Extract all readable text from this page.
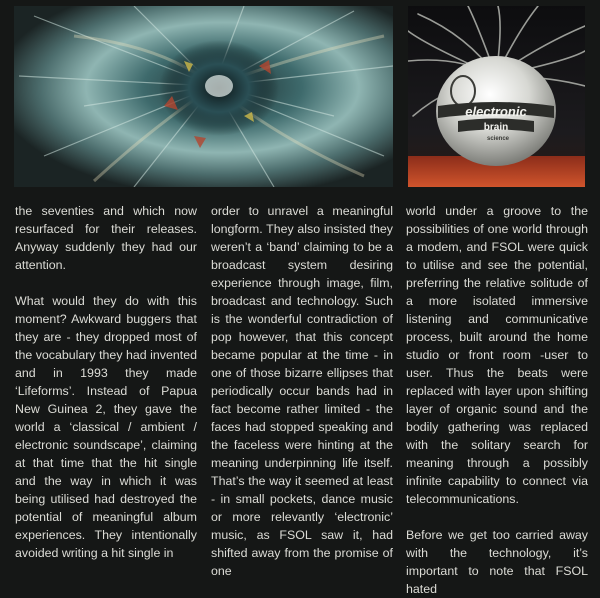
electronic
brain
science

the seventies and which now resurfaced for their releases. Anyway suddenly they had our attention.

What would they do with this moment? Awkward buggers that they are - they dropped most of the vocabulary they had invented and in 1993 they made ‘Lifeforms’. Instead of Papua New Guinea 2, they gave the world a ‘classical / ambient / electronic soundscape’, claiming at that time that the hit single and the way in which it was being utilised had destroyed the potential of meaningful album experiences. They intentionally avoided writing a hit single in

order to unravel a meaningful longform. They also insisted they weren’t a ‘band’ claiming to be a broadcast system desiring experience through image, film, broadcast and technology. Such is the wonderful contradiction of pop however, that this concept became popular at the time - in one of those bizarre ellipses that periodically occur bands had in fact become rather limited - the faces had stopped speaking and the faceless were hinting at the meaning underpinning life itself. That’s the way it seemed at least - in small pockets, dance music or more relevantly ‘electronic’ music, as FSOL saw it, had shifted away from the promise of one

world under a groove to the possibilities of one world through a modem, and FSOL were quick to utilise and see the potential, preferring the relative solitude of a more isolated immersive listening and communicative process, built around the home studio or front room -user to user. Thus the beats were replaced with layer upon shifting layer of organic sound and the bodily gathering was replaced with the solitary search for meaning through a possibly infinite capability to connect via telecommunications.

Before we get too carried away with the technology, it’s important to note that FSOL hated
